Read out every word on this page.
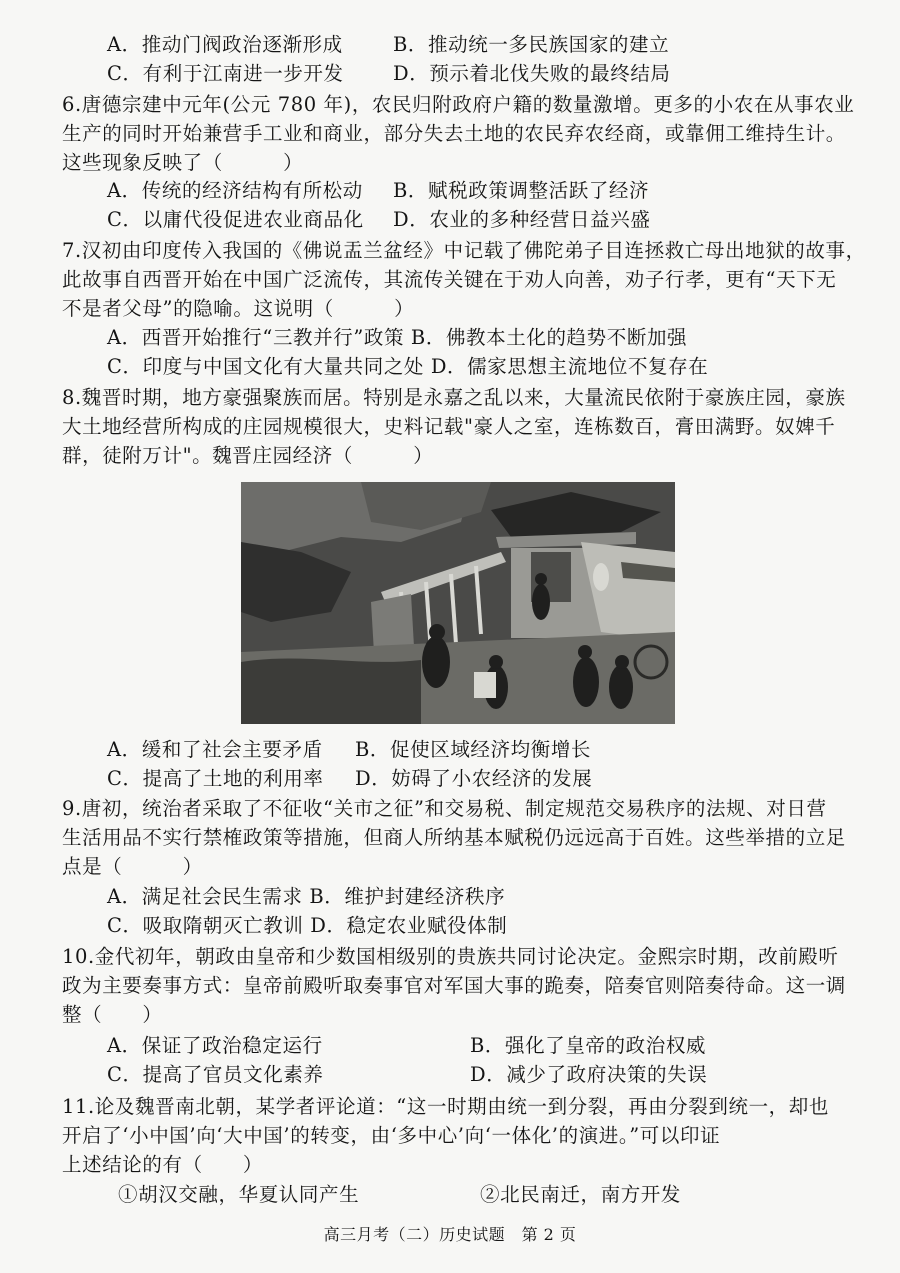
A．推动门阀政治逐渐形成	B．推动统一多民族国家的建立
C．有利于江南进一步开发	D．预示着北伐失败的最终结局
6.唐德宗建中元年(公元 780 年)，农民归附政府户籍的数量激增。更多的小农在从事农业
生产的同时开始兼营手工业和商业，部分失去土地的农民弃农经商，或靠佣工维持生计。
这些现象反映了（　　　）
A．传统的经济结构有所松动 B．赋税政策调整活跃了经济
C．以庸代役促进农业商品化 D．农业的多种经营日益兴盛
7.汉初由印度传入我国的《佛说盂兰盆经》中记载了佛陀弟子目连拯救亡母出地狱的故事，
此故事自西晋开始在中国广泛流传，其流传关键在于劝人向善，劝子行孝，更有“天下无
不是者父母”的隐喻。这说明（　　　）
A．西晋开始推行“三教并行”政策 B．佛教本土化的趋势不断加强
C．印度与中国文化有大量共同之处 D．儒家思想主流地位不复存在
8.魏晋时期，地方豪强聚族而居。特别是永嘉之乱以来，大量流民依附于豪族庄园，豪族
大土地经营所构成的庄园规模很大，史料记载"豪人之室，连栋数百，膏田满野。奴婢千
群，徒附万计"。魏晋庄园经济（　　　）
A．缓和了社会主要矛盾 B．促使区域经济均衡增长
C．提高了土地的利用率 D．妨碍了小农经济的发展
9.唐初，统治者采取了不征收“关市之征”和交易税、制定规范交易秩序的法规、对日营
生活用品不实行禁榷政策等措施，但商人所纳基本赋税仍远远高于百姓。这些举措的立足
点是（　　　）
A．满足社会民生需求 B．维护封建经济秩序
C．吸取隋朝灭亡教训 D．稳定农业赋役体制
10.金代初年，朝政由皇帝和少数国相级别的贵族共同讨论决定。金熙宗时期，改前殿听
政为主要奏事方式：皇帝前殿听取奏事官对军国大事的跪奏，陪奏官则陪奏待命。这一调
整（　　）
A．保证了政治稳定运行	B．强化了皇帝的政治权威
C．提高了官员文化素养	D．减少了政府决策的失误
11.论及魏晋南北朝，某学者评论道：“这一时期由统一到分裂，再由分裂到统一，却也
开启了‘小中国’向‘大中国’的转变，由‘多中心’向‘一体化’的演进。”可以印证
上述结论的有（　　）
①胡汉交融，华夏认同产生	②北民南迁，南方开发
高三月考（二）历史试题　第 2 页
